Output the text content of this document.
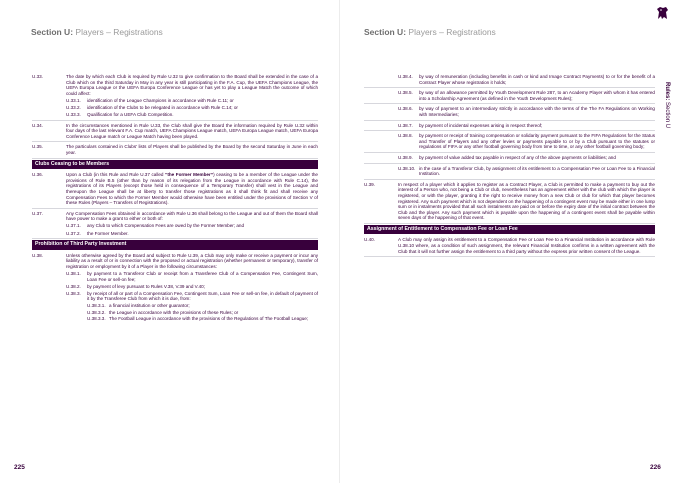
Section U: Players – Registrations
U.33.	The date by which each Club is required by Rule U.32 to give confirmation to the Board shall be extended in the case of a Club which on the third Saturday in May in any year is still participating in the F.A. Cup, the UEFA Champions League, the UEFA Europa League or the UEFA Europa Conference League or has yet to play a League Match the outcome of which could affect:
U.33.1.	identification of the League Champions in accordance with Rule C.11; or
U.33.2.	identification of the Clubs to be relegated in accordance with Rule C.14; or
U.33.3.	Qualification for a UEFA Club Competition.
U.34.	In the circumstances mentioned in Rule U.33, the Club shall give the Board the information required by Rule U.32 within four days of the last relevant F.A. Cup match, UEFA Champions League match, UEFA Europa League match, UEFA Europa Conference League match or League Match having been played.
U.35.	The particulars contained in Clubs' lists of Players shall be published by the Board by the second Saturday in June in each year.
Clubs Ceasing to be Members
U.36.	Upon a Club (in this Rule and Rule U.37 called “the Former Member”) ceasing to be a member of the League under the provisions of Rule B.5 (other than by reason of its relegation from the League in accordance with Rule C.14), the registrations of its Players (except those held in consequence of a Temporary Transfer) shall vest in the League and thereupon the League shall be at liberty to transfer those registrations as it shall think fit and shall receive any Compensation Fees to which the Former Member would otherwise have been entitled under the provisions of Section V of these Rules (Players – Transfers of Registrations).
U.37.	Any Compensation Fees obtained in accordance with Rule U.36 shall belong to the League and out of them the Board shall have power to make a grant to either or both of:
U.37.1.	any Club to which Compensation Fees are owed by the Former Member; and
U.37.2.	the Former Member.
Prohibition of Third Party Investment
U.38.	Unless otherwise agreed by the Board and subject to Rule U.39, a Club may only make or receive a payment or incur any liability as a result of or in connection with the proposed or actual registration (whether permanent or temporary), transfer of registration or employment by it of a Player in the following circumstances:
U.38.1.	by payment to a Transferor Club or receipt from a Transferee Club of a Compensation Fee, Contingent Sum, Loan Fee or sell-on fee;
U.38.2.	by payment of levy pursuant to Rules V.38, V.39 and V.40;
U.38.3.	by receipt of all or part of a Compensation Fee, Contingent Sum, Loan Fee or sell-on fee, in default of payment of it by the Transferee Club from which it is due, from:
U.38.3.1. a financial institution or other guarantor;
U.38.3.2. the League in accordance with the provisions of these Rules; or
U.38.3.3. The Football League in accordance with the provisions of the Regulations of The Football League;
225
Section U: Players – Registrations
U.38.4.	by way of remuneration (including benefits in cash or kind and Image Contract Payments) to or for the benefit of a Contract Player whose registration it holds;
U.38.5.	by way of an allowance permitted by Youth Development Rule 287, to an Academy Player with whom it has entered into a Scholarship Agreement (as defined in the Youth Development Rules);
U.38.6.	by way of payment to an intermediary strictly in accordance with the terms of the The FA Regulations on Working with Intermediaries;
U.38.7.	by payment of incidental expenses arising in respect thereof;
U.38.8.	by payment or receipt of training compensation or solidarity payment pursuant to the FIFA Regulations for the Status and Transfer of Players and any other levies or payments payable to or by a Club pursuant to the statutes or regulations of FIFA or any other football governing body from time to time, or any other football governing body;
U.38.9.	by payment of value added tax payable in respect of any of the above payments or liabilities; and
U.38.10. in the case of a Transferor Club, by assignment of its entitlement to a Compensation Fee or Loan Fee to a Financial Institution.
U.39.	In respect of a player which it applies to register as a Contract Player, a Club is permitted to make a payment to buy out the interest of a Person who, not being a Club or club, nevertheless has an agreement either with the club with which the player is registered, or with the player, granting it the right to receive money from a new Club or club for which that player becomes registered. Any such payment which is not dependent on the happening of a contingent event may be made either in one lump sum or in instalments provided that all such instalments are paid on or before the expiry date of the initial contract between the Club and the player. Any such payment which is payable upon the happening of a contingent event shall be payable within seven days of the happening of that event.
Assignment of Entitlement to Compensation Fee or Loan Fee
U.40.	A Club may only assign its entitlement to a Compensation Fee or Loan Fee to a Financial Institution in accordance with Rule U.38.10 where, as a condition of such assignment, the relevant Financial Institution confirms in a written agreement with the Club that it will not further assign the entitlement to a third party without the express prior written consent of the League.
226
Rules: Section U
